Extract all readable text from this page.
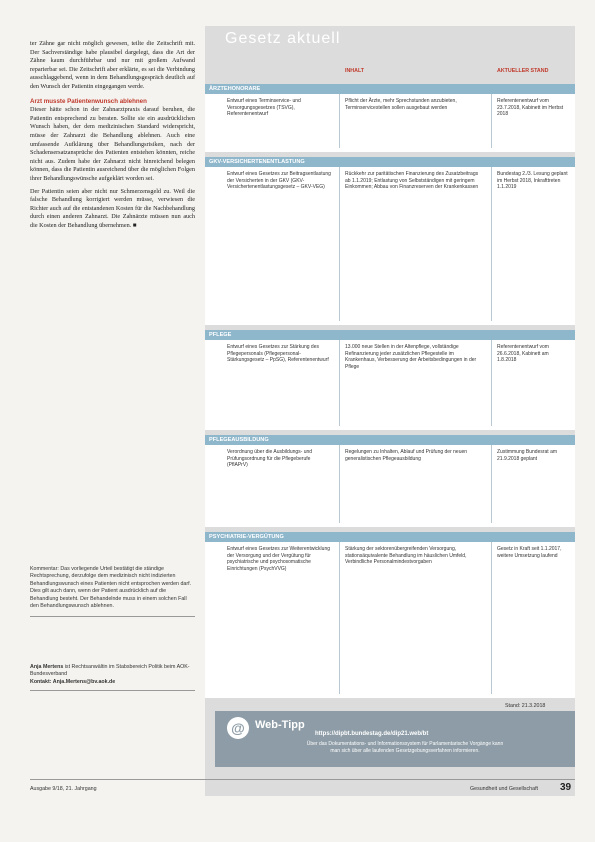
ter Zähne gar nicht möglich gewesen, teilte die Zeitschrift mit. Der Sachverständige habe plausibel dargelegt, dass die Art der Zähne kaum durchführbar und nur mit großem Aufwand reparierbar sei. Die Zeitschrift aber erklärte, es sei die Verbindung ausschlaggebend, wenn in dem Behandlungsgespräch deutlich auf den Wunsch der Patientin eingegangen werde.

Arzt musste Patientenwunsch ablehnen

Dieser hätte schon in der Zahnarztpraxis darauf beruhen, die Patientin entsprechend zu beraten. Sollte sie ein ausdrücklichen Wunsch haben, der dem medizinischen Standard widerspricht, müsse der Zahnarzt die Behandlung ablehnen. Auch eine umfassende Aufklärung über Behandlungsrisiken, nach der Schadensersatzansprüche des Patienten entstehen könnten, reiche nicht aus. Zudem habe der Zahnarzt nicht hinreichend belegen können, dass die Patientin ausreichend über die möglichen Folgen ihrer Behandlungswünsche aufgeklärt worden sei.

Der Patientin seien aber nicht nur Schmerzensgeld zu. Weil die falsche Behandlung korrigiert werden müsse, verwiesen die Richter auch auf die entstandenen Kosten für die Nachbehandlung durch einen anderen Zahnarzt. Die Zahnärzte müssen nun auch die Kosten der Behandlung übernehmen. ■

Kommentar: Das vorliegende Urteil bestätigt die ständige Rechtsprechung, derzufolge dem medizinisch nicht indizierten Behandlungswunsch eines Patienten nicht entsprochen werden darf. Dies gilt auch dann, wenn der Patient ausdrücklich auf die Behandlung besteht. Der Behandelnde muss in einem solchen Fall den Behandlungswunsch ablehnen.
Anja Mertens ist Rechtsanwältin im Stabsbereich Politik beim AOK-Bundesverband
Kontakt: Anja.Mertens@bv.aok.de
Gesetz aktuell
INHALT	AKTUELLER STAND
ÄRZTEHONORARE
Entwurf eines Terminservice- und Versorgungsgesetzes (TSVG), Referentenentwurf
Pflicht der Ärzte, mehr Sprechstunden anzubieten, Terminservicestellen sollen ausgebaut werden
Referentenentwurf vom 23.7.2018, Kabinett im Herbst 2018
GKV-VERSICHERTENENTLASTUNG
Entwurf eines Gesetzes zur Beitragsentlastung der Versicherten in der GKV (GKV-Versichertenentlastungsgesetz – GKV-VEG)
Rückkehr zur paritätischen Finanzierung des Zusatzbeitrags ab 1.1.2019; Entlastung von Selbstständigen mit geringem Einkommen; Abbau von Finanzreserven der Krankenkassen
Bundestag 2./3. Lesung geplant im Herbst 2018, Inkrafttreten 1.1.2019
PFLEGE
Entwurf eines Gesetzes zur Stärkung des Pflegepersonals (Pflegepersonal-Stärkungsgesetz – PpSG), Referentenentwurf
13.000 neue Stellen in der Altenpflege, vollständige Refinanzierung jeder zusätzlichen Pflegestelle im Krankenhaus, Verbesserung der Arbeitsbedingungen in der Pflege
Referentenentwurf vom 26.6.2018, Kabinett am 1.8.2018
PFLEGEAUSBILDUNG
Verordnung über die Ausbildungs- und Prüfungsordnung für die Pflegeberufe (PflAPrV)
Regelungen zu Inhalten, Ablauf und Prüfung der neuen generalistischen Pflegeausbildung
Zustimmung Bundesrat am 21.9.2018 geplant
PSYCHIATRIE-VERGÜTUNG
Entwurf eines Gesetzes zur Weiterentwicklung der Versorgung und der Vergütung für psychiatrische und psychosomatische Einrichtungen (PsychVVG)
Stärkung der sektorenübergreifenden Versorgung, stationsäquivalente Behandlung im häuslichen Umfeld, Verbindliche Personalmindestvorgaben
Gesetz in Kraft seit 1.1.2017, weitere Umsetzung laufend
Stand: 21.3.2018
@ Web-Tipp
https://dipbt.bundestag.de/dip21.web/bt
Über das Dokumentations- und Informationssystem für Parlamentarische Vorgänge kann man sich über alle laufenden Gesetzgebungsverfahren informieren.
Ausgabe 9/18, 21. Jahrgang	Gesundheit und Gesellschaft 39
